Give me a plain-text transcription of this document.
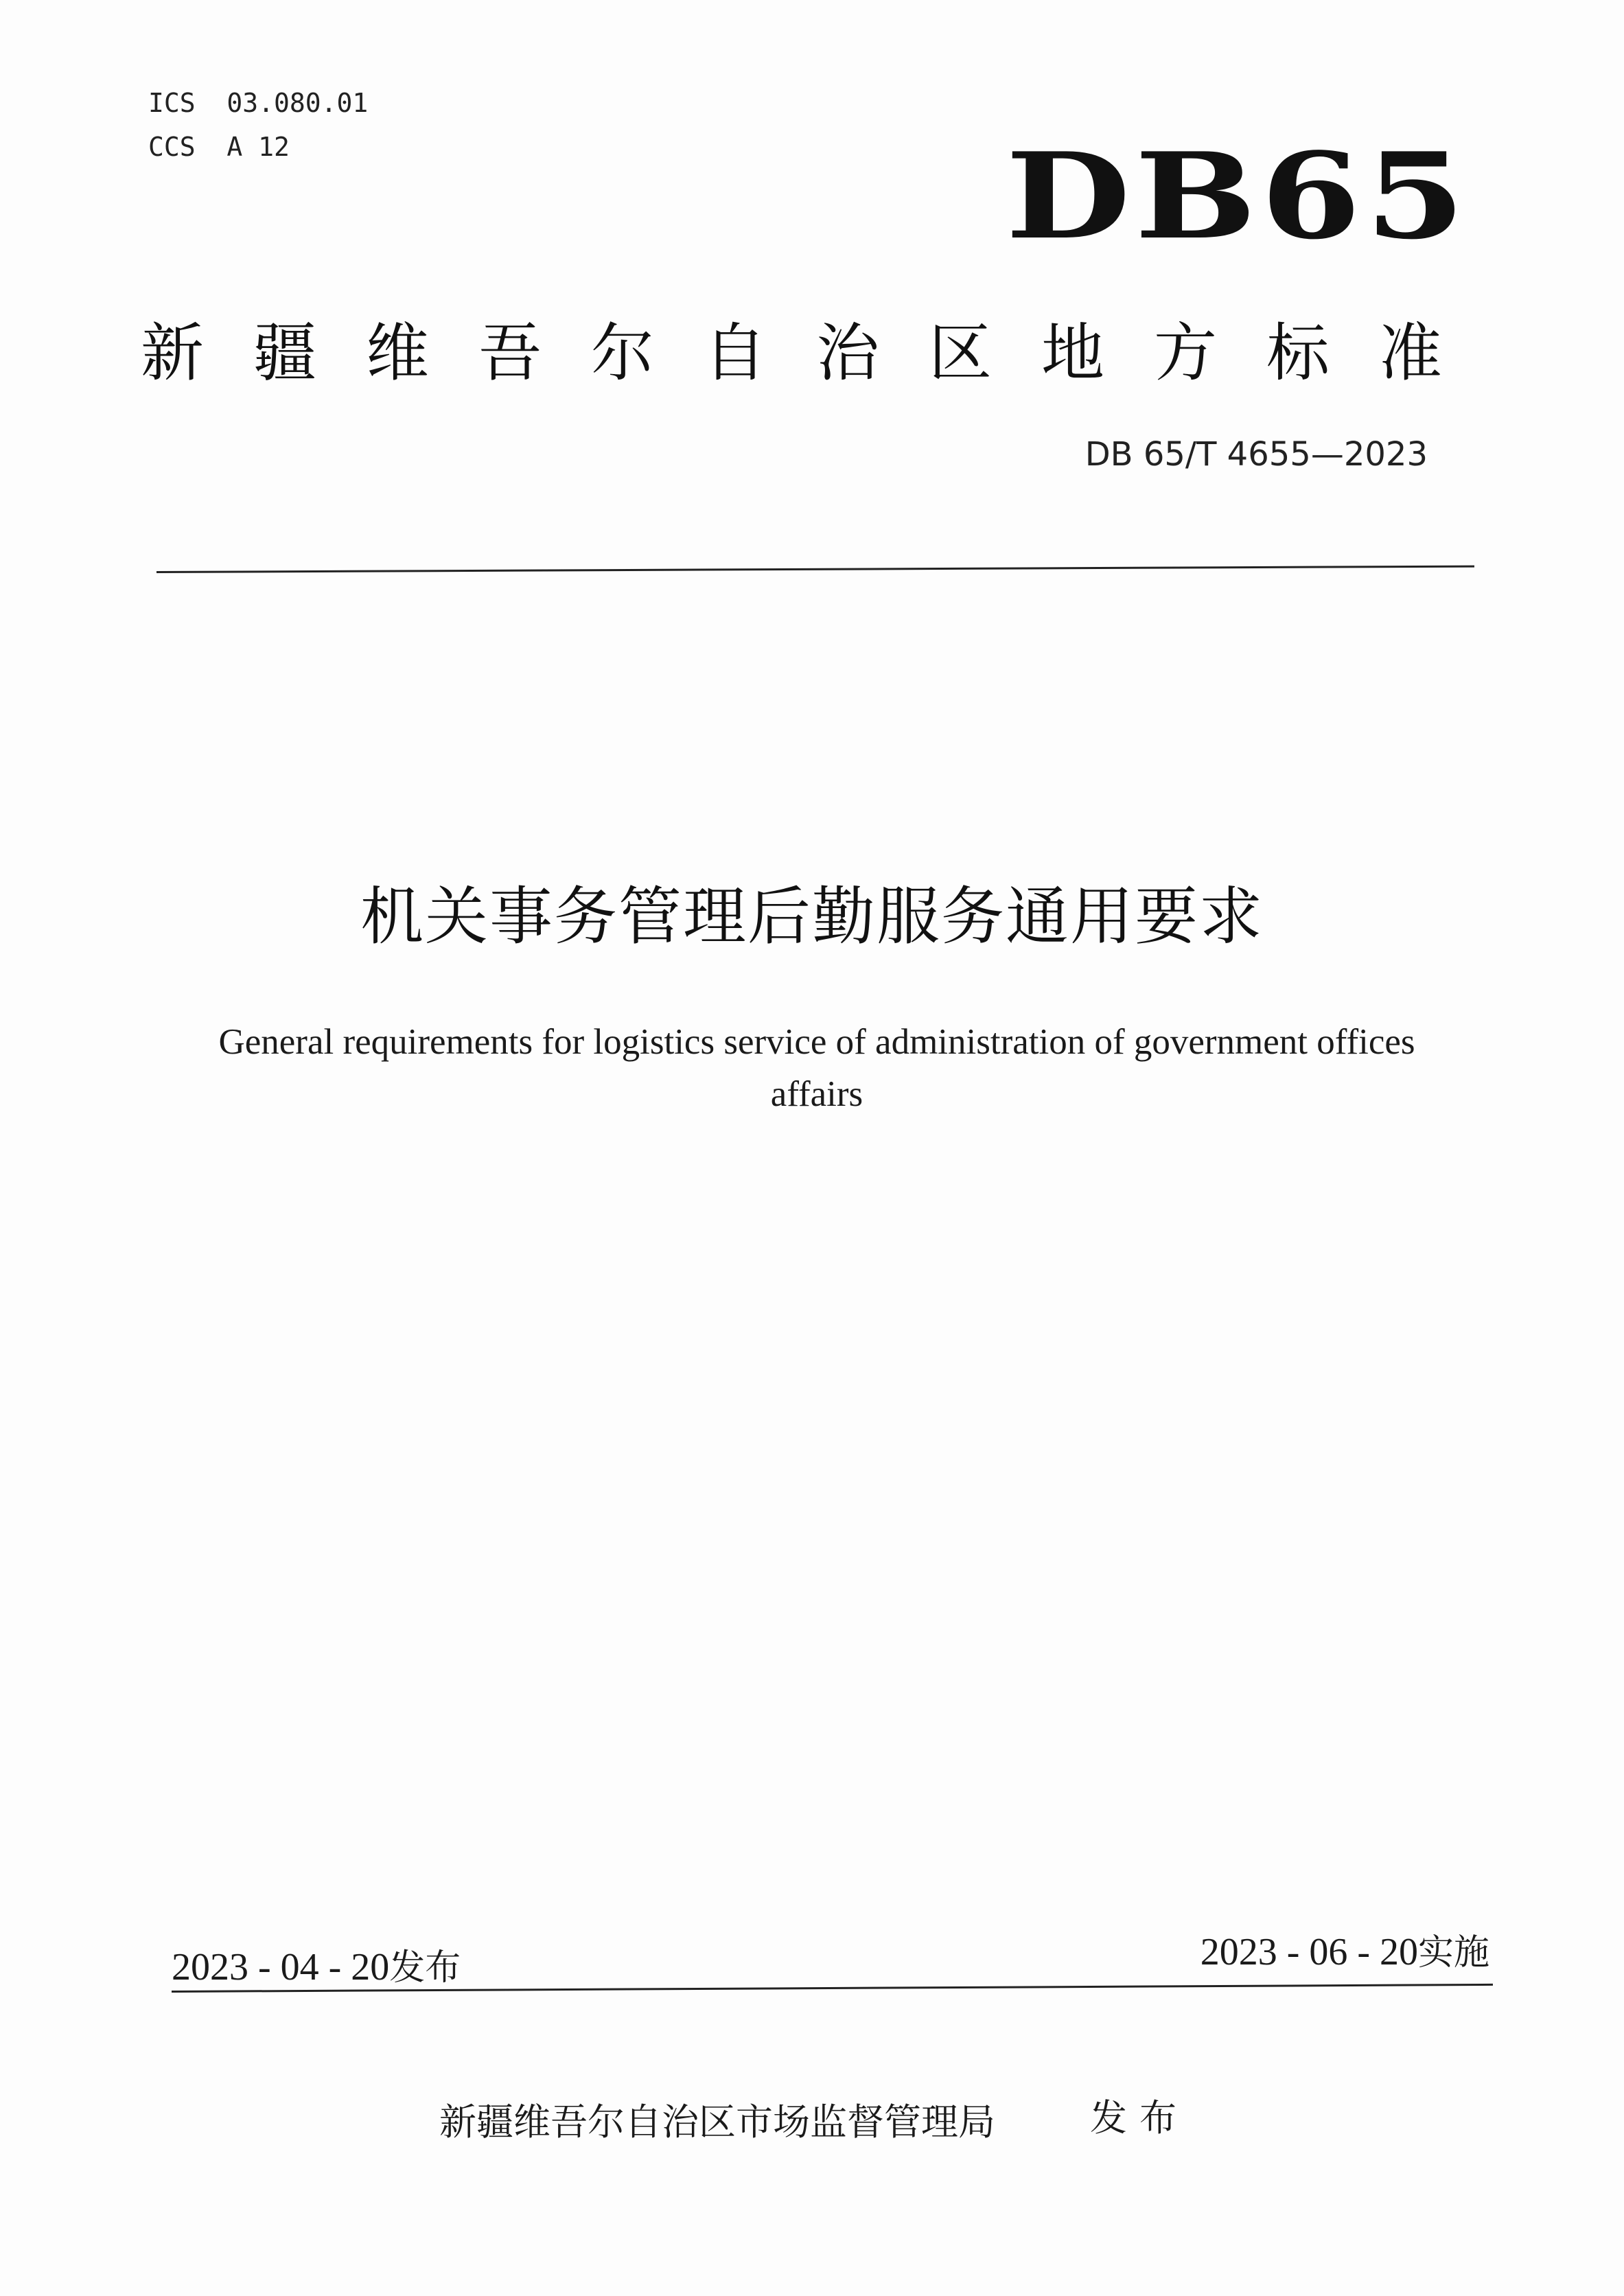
ICS  03.080.01
CCS  A 12	DB65
新疆维吾尔自治区地方标准
DB 65/T 4655—2023
机关事务管理后勤服务通用要求
General requirements for logistics service of administration of government offices
affairs
2023 - 04 - 20发布	2023 - 06 - 20实施
新疆维吾尔自治区市场监督管理局	发布
